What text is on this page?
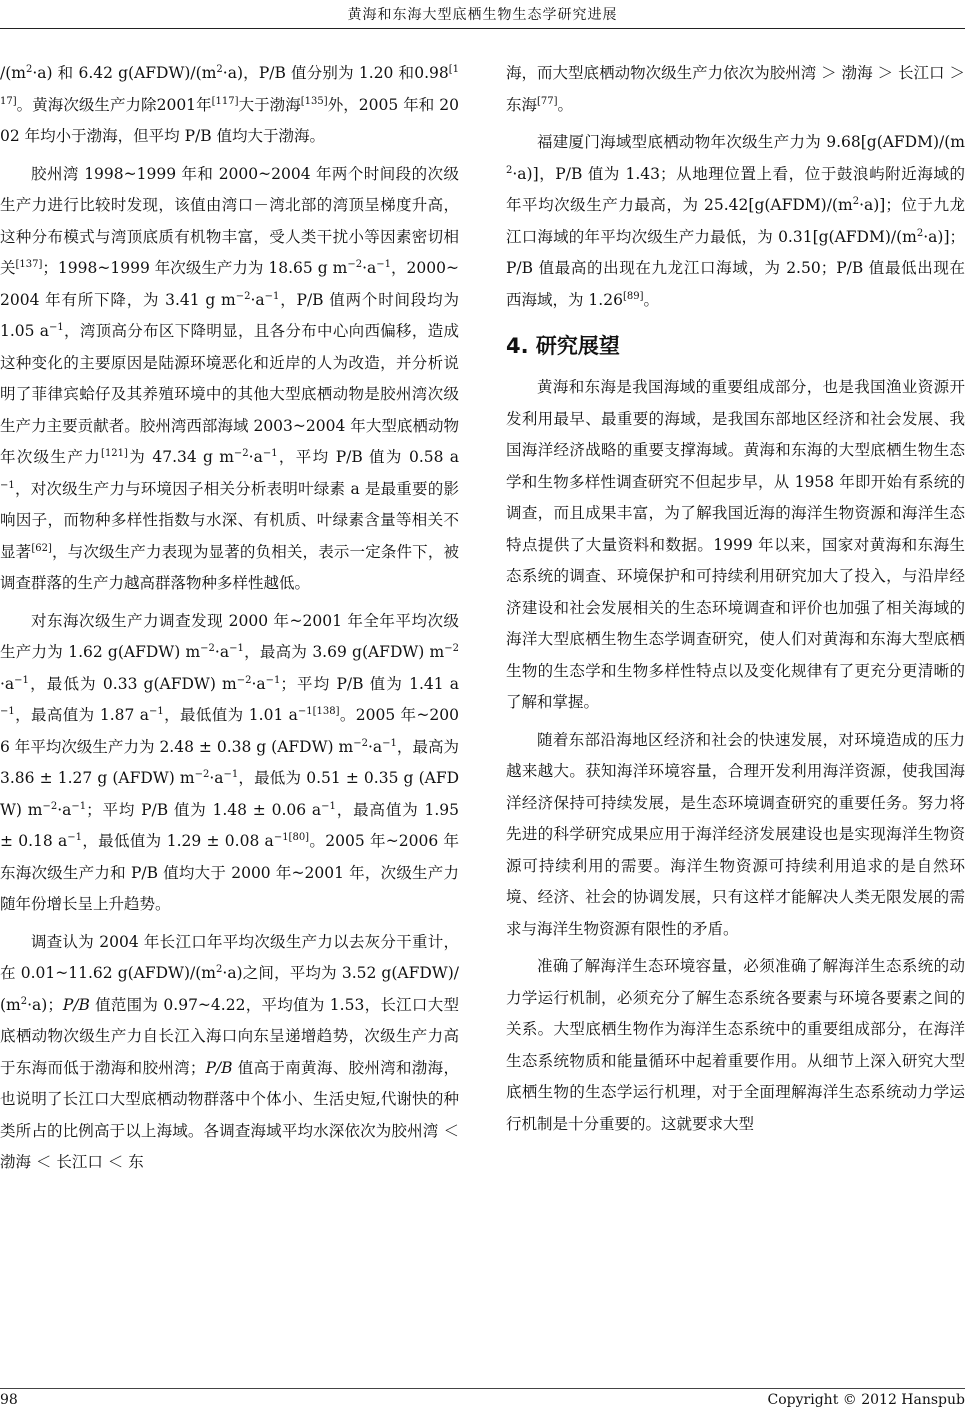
黄海和东海大型底栖生物生态学研究进展

$/(m^2\cdot a)$ 和 6.42 $g(AFDW)/(m^2\cdot a)$，P/B 值分别为 1.20 和0.98[117]。黄海次级生产力除2001年[117]大于渤海[135]外，2005 年和 2002 年均小于渤海，但平均 P/B 值均大于渤海。

胶州湾 1998~1999 年和 2000~2004 年两个时间段的次级生产力进行比较时发现，该值由湾口－湾北部的湾顶呈梯度升高，这种分布模式与湾顶底质有机物丰富，受人类干扰小等因素密切相关[137]；1998~1999 年次级生产力为 18.65 g $m^{-2}\cdot a^{-1}$，2000~2004 年有所下降，为 3.41 g $m^{-2}\cdot a^{-1}$，P/B 值两个时间段均为 1.05 $a^{-1}$，湾顶高分布区下降明显，且各分布中心向西偏移，造成这种变化的主要原因是陆源环境恶化和近岸的人为改造，并分析说明了菲律宾蛤仔及其养殖环境中的其他大型底栖动物是胶州湾次级生产力主要贡献者。胶州湾西部海域 2003~2004 年大型底栖动物年次级生产力[121]为 47.34 g $m^{-2}\cdot a^{-1}$，平均 P/B 值为 0.58 $a^{-1}$，对次级生产力与环境因子相关分析表明叶绿素 a 是最重要的影响因子，而物种多样性指数与水深、有机质、叶绿素含量等相关不显著[62]，与次级生产力表现为显著的负相关，表示一定条件下，被调查群落的生产力越高群落物种多样性越低。

对东海次级生产力调查发现 2000 年~2001 年全年平均次级生产力为 1.62 g(AFDW) $m^{-2}\cdot a^{-1}$，最高为 3.69 g(AFDW) $m^{-2}\cdot a^{-1}$，最低为 0.33 g(AFDW) $m^{-2}\cdot a^{-1}$；平均 P/B 值为 1.41 $a^{-1}$，最高值为 1.87 $a^{-1}$，最低值为 1.01 $a^{-1[138]}$。2005 年~2006 年平均次级生产力为 2.48 ± 0.38 g (AFDW) $m^{-2}\cdot a^{-1}$，最高为 3.86 ± 1.27 g (AFDW) $m^{-2}\cdot a^{-1}$，最低为 0.51 ± 0.35 g (AFDW) $m^{-2}\cdot a^{-1}$；平均 P/B 值为 1.48 ± 0.06 $a^{-1}$，最高值为 1.95 ± 0.18 $a^{-1}$，最低值为 1.29 ± 0.08 $a^{-1[80]}$。2005 年~2006 年东海次级生产力和 P/B 值均大于 2000 年~2001 年，次级生产力随年份增长呈上升趋势。

调查认为 2004 年长江口年平均次级生产力以去灰分干重计，在 0.01~11.62 $g(AFDW)/(m^2\cdot a)$之间，平均为 3.52 $g(AFDW)/(m^2\cdot a)$；P/B 值范围为 0.97~4.22，平均值为 1.53，长江口大型底栖动物次级生产力自长江入海口向东呈递增趋势，次级生产力高于东海而低于渤海和胶州湾；P/B 值高于南黄海、胶州湾和渤海，也说明了长江口大型底栖动物群落中个体小、生活史短,代谢快的种类所占的比例高于以上海域。各调查海域平均水深依次为胶州湾 ＜ 渤海 ＜ 长江口 ＜ 东

海，而大型底栖动物次级生产力依次为胶州湾 ＞ 渤海 ＞ 长江口 ＞ 东海[77]。

福建厦门海域型底栖动物年次级生产力为 $9.68[g(AFDM)/(m^2\cdot a)]$，P/B 值为 1.43；从地理位置上看，位于鼓浪屿附近海域的年平均次级生产力最高，为 $25.42[g(AFDM)/(m^2\cdot a)]$；位于九龙江口海域的年平均次级生产力最低，为 $0.31[g(AFDM)/(m^2\cdot a)]$；P/B 值最高的出现在九龙江口海域，为 2.50；P/B 值最低出现在西海域，为 1.26[89]。

4. 研究展望

黄海和东海是我国海域的重要组成部分，也是我国渔业资源开发利用最早、最重要的海域，是我国东部地区经济和社会发展、我国海洋经济战略的重要支撑海域。黄海和东海的大型底栖生物生态学和生物多样性调查研究不但起步早，从 1958 年即开始有系统的调查，而且成果丰富，为了解我国近海的海洋生物资源和海洋生态特点提供了大量资料和数据。1999 年以来，国家对黄海和东海生态系统的调查、环境保护和可持续利用研究加大了投入，与沿岸经济建设和社会发展相关的生态环境调查和评价也加强了相关海域的海洋大型底栖生物生态学调查研究，使人们对黄海和东海大型底栖生物的生态学和生物多样性特点以及变化规律有了更充分更清晰的了解和掌握。

随着东部沿海地区经济和社会的快速发展，对环境造成的压力越来越大。获知海洋环境容量，合理开发利用海洋资源，使我国海洋经济保持可持续发展，是生态环境调查研究的重要任务。努力将先进的科学研究成果应用于海洋经济发展建设也是实现海洋生物资源可持续利用的需要。海洋生物资源可持续利用追求的是自然环境、经济、社会的协调发展，只有这样才能解决人类无限发展的需求与海洋生物资源有限性的矛盾。

准确了解海洋生态环境容量，必须准确了解海洋生态系统的动力学运行机制，必须充分了解生态系统各要素与环境各要素之间的关系。大型底栖生物作为海洋生态系统中的重要组成部分，在海洋生态系统物质和能量循环中起着重要作用。从细节上深入研究大型底栖生物的生态学运行机理，对于全面理解海洋生态系统动力学运行机制是十分重要的。这就要求大型

98	Copyright © 2012 Hanspub
